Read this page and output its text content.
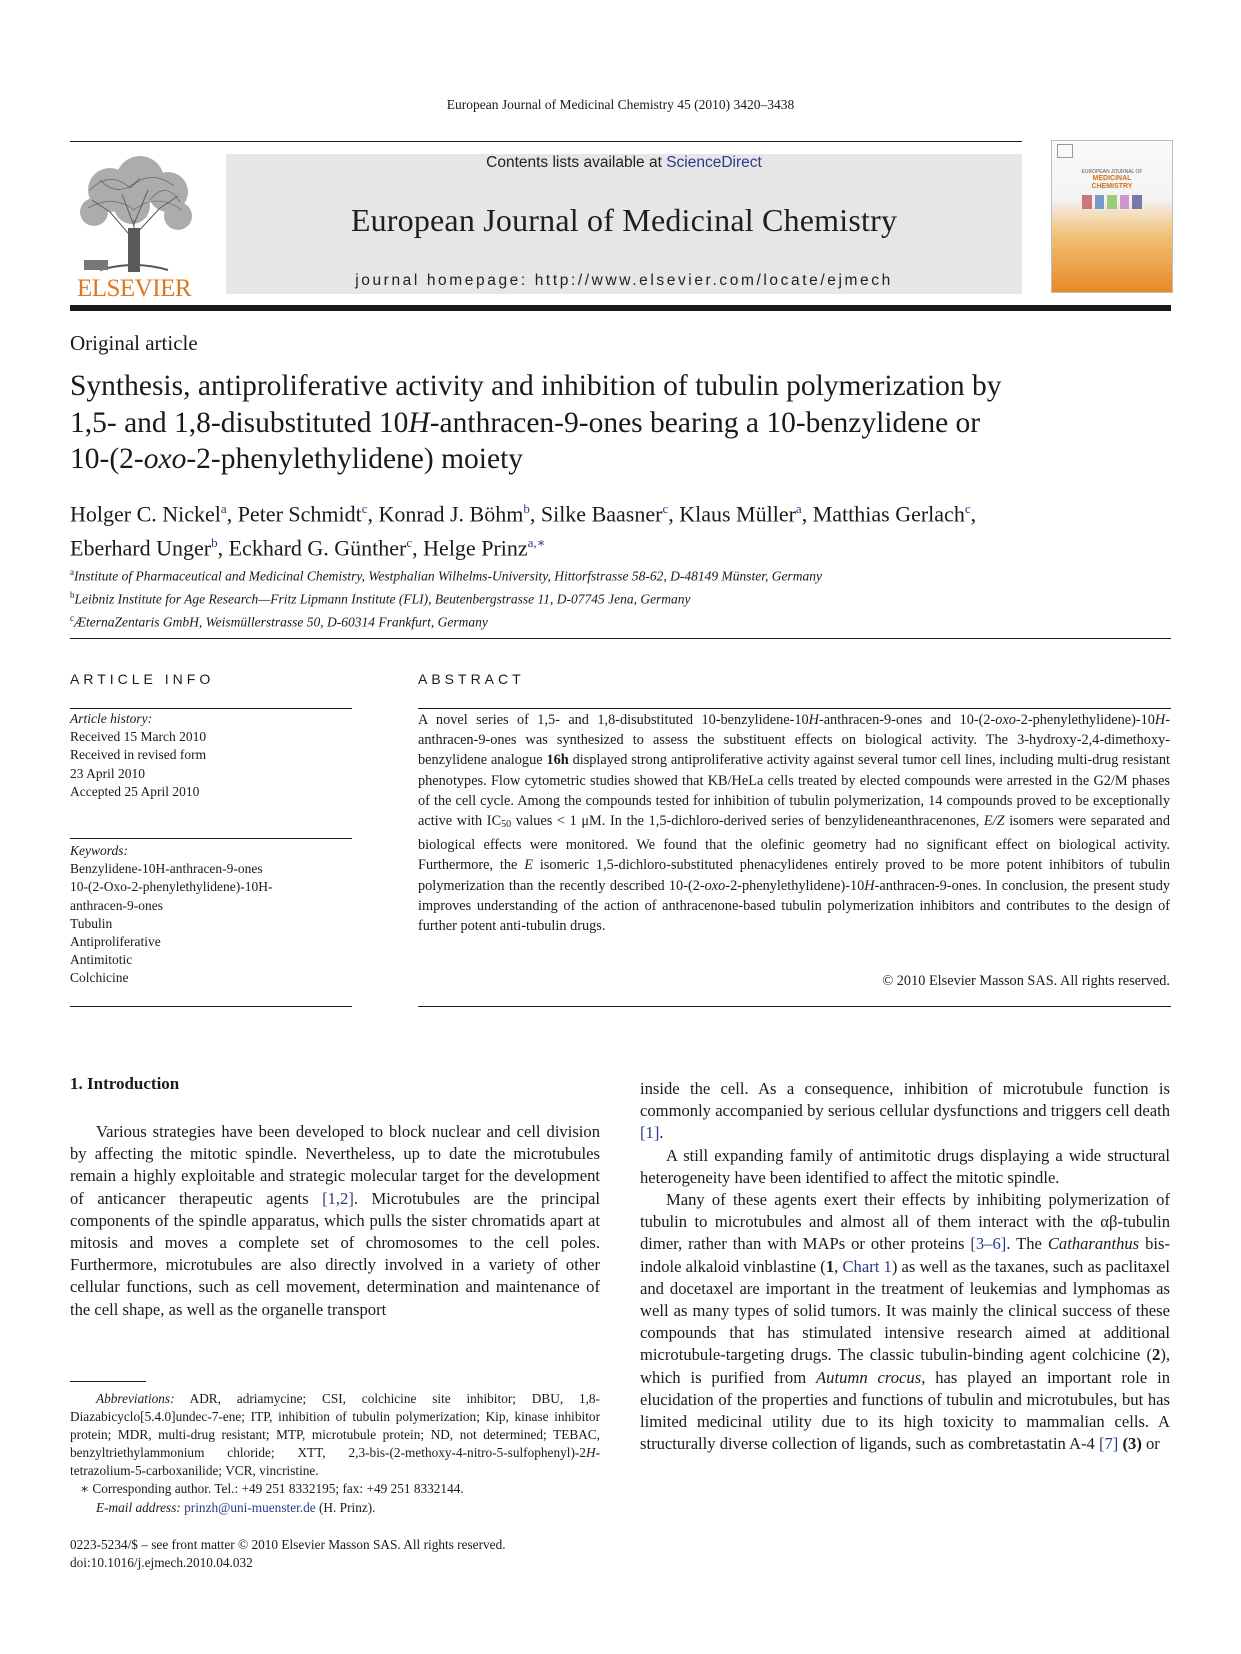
European Journal of Medicinal Chemistry 45 (2010) 3420–3438
ELSEVIER
Contents lists available at ScienceDirect
European Journal of Medicinal Chemistry
journal homepage: http://www.elsevier.com/locate/ejmech
EUROPEAN JOURNAL OF
MEDICINAL
CHEMISTRY
Original article
Synthesis, antiproliferative activity and inhibition of tubulin polymerization by
1,5- and 1,8-disubstituted 10H-anthracen-9-ones bearing a 10-benzylidene or
10-(2-oxo-2-phenylethylidene) moiety
Holger C. Nickel$^a$, Peter Schmidt$^c$, Konrad J. Böhm$^b$, Silke Baasner$^c$, Klaus Müller$^a$, Matthias Gerlach$^c$,
Eberhard Unger$^b$, Eckhard G. Günther$^c$, Helge Prinz$^{a,∗}$
$^a$Institute of Pharmaceutical and Medicinal Chemistry, Westphalian Wilhelms-University, Hittorfstrasse 58-62, D-48149 Münster, Germany
$^b$Leibniz Institute for Age Research—Fritz Lipmann Institute (FLI), Beutenbergstrasse 11, D-07745 Jena, Germany
$^c$ÆternaZentaris GmbH, Weismüllerstrasse 50, D-60314 Frankfurt, Germany
ARTICLE INFO	ABSTRACT
Article history:
Received 15 March 2010
Received in revised form
23 April 2010
Accepted 25 April 2010
Keywords:
Benzylidene-10H-anthracen-9-ones
10-(2-Oxo-2-phenylethylidene)-10H-
anthracen-9-ones
Tubulin
Antiproliferative
Antimitotic
Colchicine
A novel series of 1,5- and 1,8-disubstituted 10-benzylidene-10H-anthracen-9-ones and 10-(2-oxo-2-phenylethylidene)-10H-anthracen-9-ones was synthesized to assess the substituent effects on biological activity. The 3-hydroxy-2,4-dimethoxy-benzylidene analogue 16h displayed strong antiproliferative activity against several tumor cell lines, including multi-drug resistant phenotypes. Flow cytometric studies showed that KB/HeLa cells treated by elected compounds were arrested in the G2/M phases of the cell cycle. Among the compounds tested for inhibition of tubulin polymerization, 14 compounds proved to be exceptionally active with $IC_{50}$ values < 1 μM. In the 1,5-dichloro-derived series of benzylideneanthracenones, E/Z isomers were separated and biological effects were monitored. We found that the olefinic geometry had no significant effect on biological activity. Furthermore, the E isomeric 1,5-dichloro-substituted phenacylidenes entirely proved to be more potent inhibitors of tubulin polymerization than the recently described 10-(2-oxo-2-phenylethylidene)-10H-anthracen-9-ones. In conclusion, the present study improves understanding of the action of anthracenone-based tubulin polymerization inhibitors and contributes to the design of further potent anti-tubulin drugs.
© 2010 Elsevier Masson SAS. All rights reserved.
1. Introduction

Various strategies have been developed to block nuclear and cell division by affecting the mitotic spindle. Nevertheless, up to date the microtubules remain a highly exploitable and strategic molecular target for the development of anticancer therapeutic agents [1,2]. Microtubules are the principal components of the spindle apparatus, which pulls the sister chromatids apart at mitosis and moves a complete set of chromosomes to the cell poles. Furthermore, microtubules are also directly involved in a variety of other cellular functions, such as cell movement, determination and maintenance of the cell shape, as well as the organelle transport

inside the cell. As a consequence, inhibition of microtubule function is commonly accompanied by serious cellular dysfunctions and triggers cell death [1].

A still expanding family of antimitotic drugs displaying a wide structural heterogeneity have been identified to affect the mitotic spindle.

Many of these agents exert their effects by inhibiting polymerization of tubulin to microtubules and almost all of them interact with the αβ-tubulin dimer, rather than with MAPs or other proteins [3–6]. The Catharanthus bis-indole alkaloid vinblastine (1, Chart 1) as well as the taxanes, such as paclitaxel and docetaxel are important in the treatment of leukemias and lymphomas as well as many types of solid tumors. It was mainly the clinical success of these compounds that has stimulated intensive research aimed at additional microtubule-targeting drugs. The classic tubulin-binding agent colchicine (2), which is purified from Autumn crocus, has played an important role in elucidation of the properties and functions of tubulin and microtubules, but has limited medicinal utility due to its high toxicity to mammalian cells. A structurally diverse collection of ligands, such as combretastatin A-4 [7] (3) or

Abbreviations: ADR, adriamycine; CSI, colchicine site inhibitor; DBU, 1,8-Diazabicyclo[5.4.0]undec-7-ene; ITP, inhibition of tubulin polymerization; Kip, kinase inhibitor protein; MDR, multi-drug resistant; MTP, microtubule protein; ND, not determined; TEBAC, benzyltriethylammonium chloride; XTT, 2,3-bis-(2-methoxy-4-nitro-5-sulfophenyl)-2H-tetrazolium-5-carboxanilide; VCR, vincristine.

∗ Corresponding author. Tel.: +49 251 8332195; fax: +49 251 8332144.

E-mail address: prinzh@uni-muenster.de (H. Prinz).

0223-5234/$ – see front matter © 2010 Elsevier Masson SAS. All rights reserved.
doi:10.1016/j.ejmech.2010.04.032
